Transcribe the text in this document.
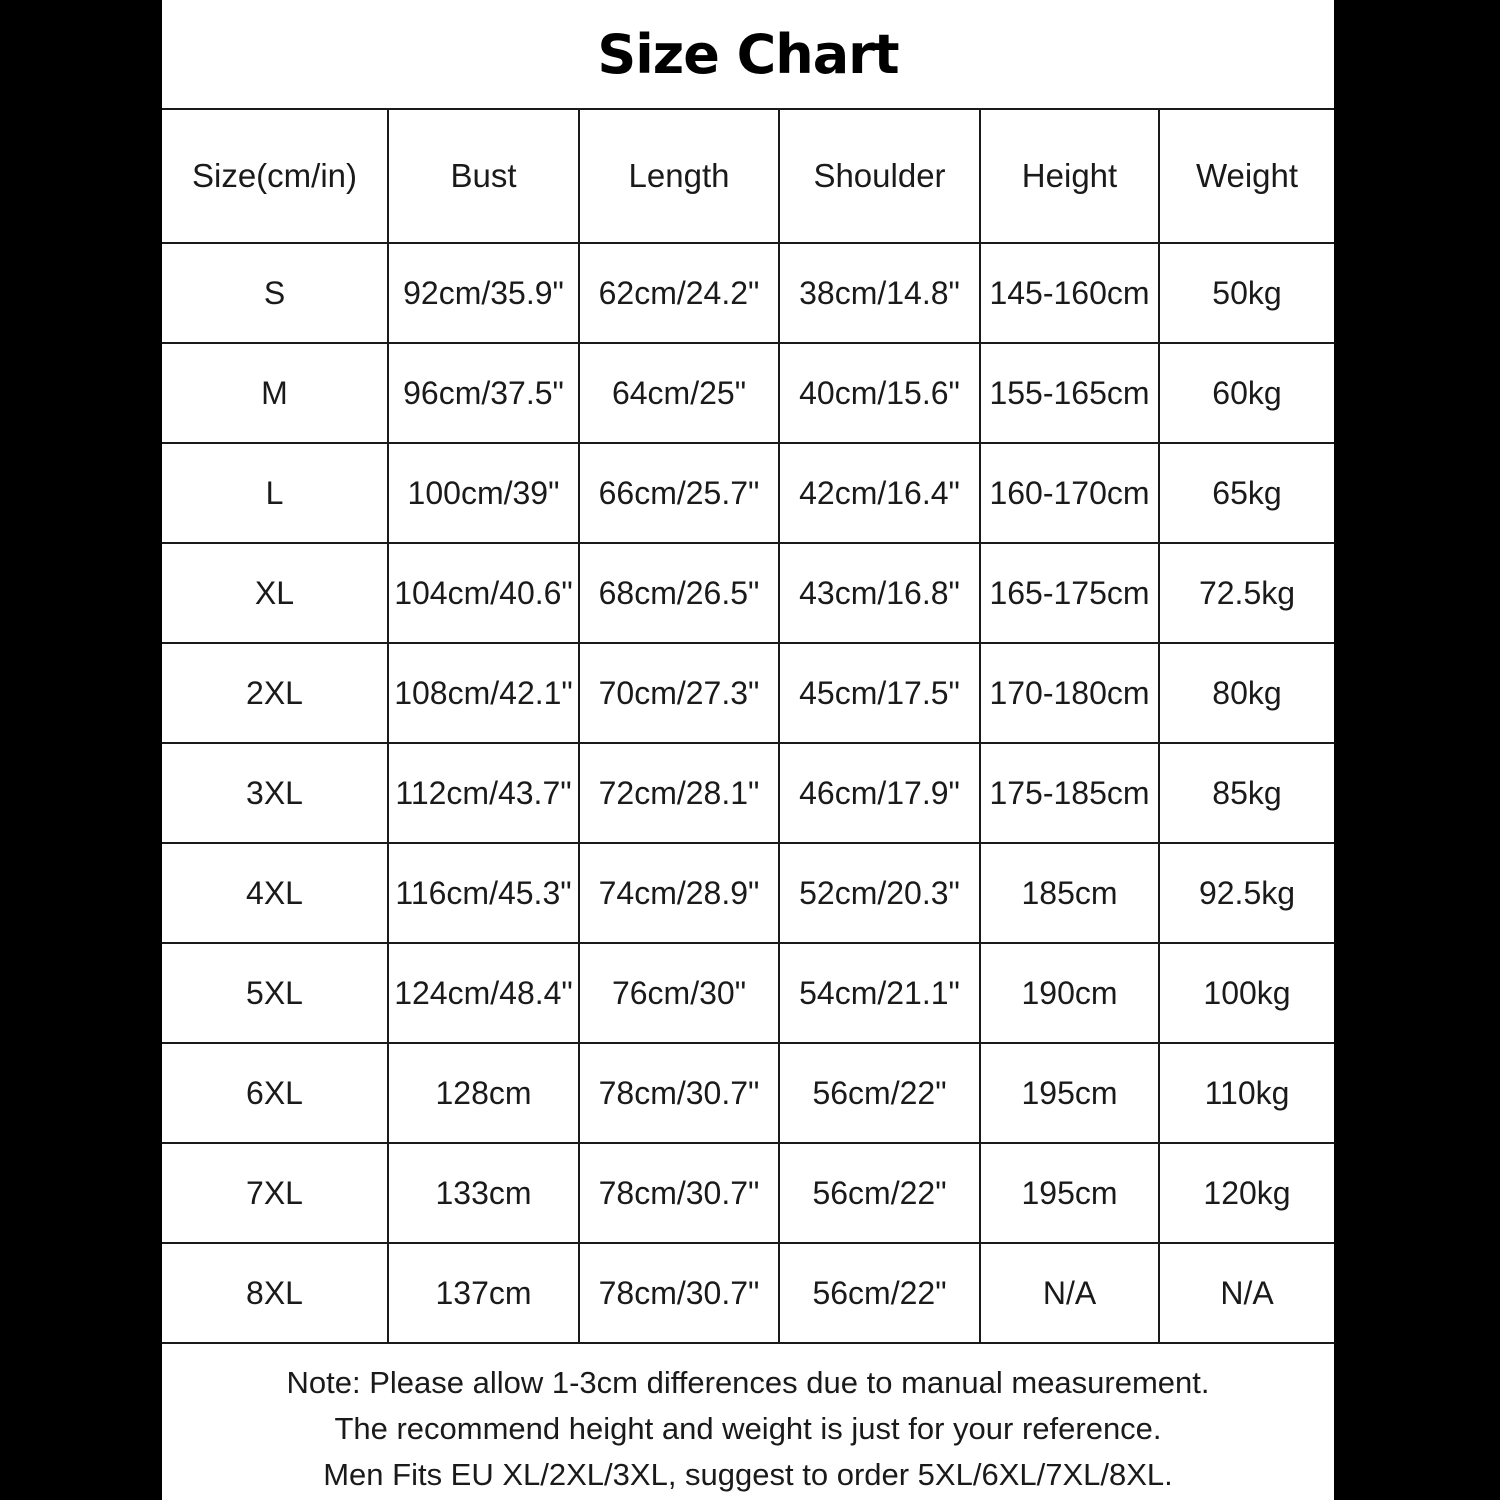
Size Chart
Size(cm/in)	Bust	Length	Shoulder	Height	Weight
S	92cm/35.9"	62cm/24.2"	38cm/14.8"	145-160cm	50kg
M	96cm/37.5"	64cm/25"	40cm/15.6"	155-165cm	60kg
L	100cm/39"	66cm/25.7"	42cm/16.4"	160-170cm	65kg
XL	104cm/40.6"	68cm/26.5"	43cm/16.8"	165-175cm	72.5kg
2XL	108cm/42.1"	70cm/27.3"	45cm/17.5"	170-180cm	80kg
3XL	112cm/43.7"	72cm/28.1"	46cm/17.9"	175-185cm	85kg
4XL	116cm/45.3"	74cm/28.9"	52cm/20.3"	185cm	92.5kg
5XL	124cm/48.4"	76cm/30"	54cm/21.1"	190cm	100kg
6XL	128cm	78cm/30.7"	56cm/22"	195cm	110kg
7XL	133cm	78cm/30.7"	56cm/22"	195cm	120kg
8XL	137cm	78cm/30.7"	56cm/22"	N/A	N/A
Note: Please allow 1-3cm differences due to manual measurement.
The recommend height and weight is just for your reference.
Men Fits EU XL/2XL/3XL, suggest to order 5XL/6XL/7XL/8XL.
